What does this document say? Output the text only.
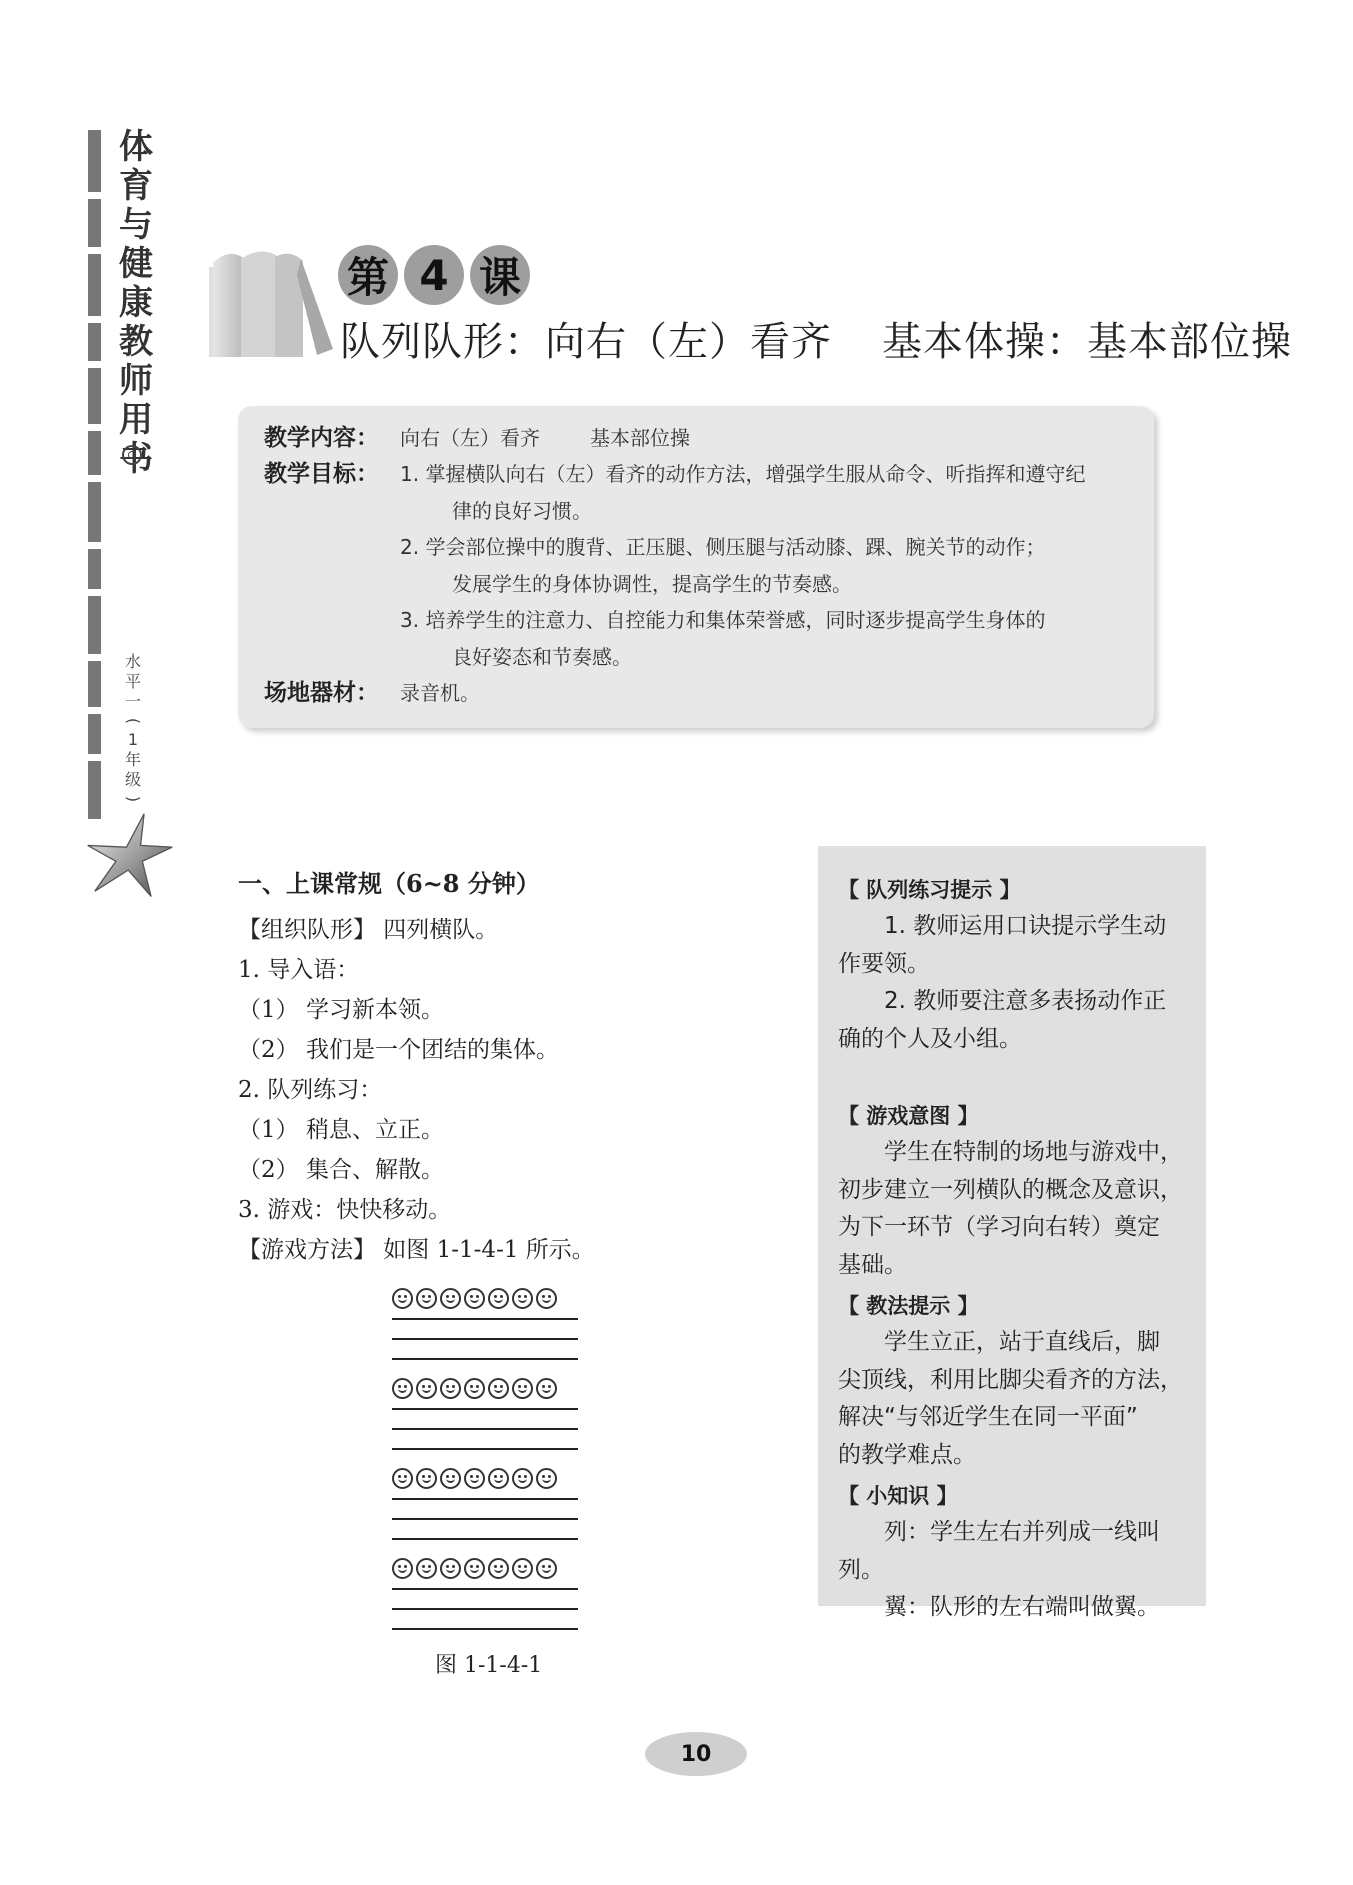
体
育
与
健
康
教
师
用
书
水
平
一
(
1
年
级
)
第 4 课
队列队形：向右（左）看齐 基本体操：基本部位操
教学内容：	向右（左）看齐	基本部位操
教学目标：	1. 掌握横队向右（左）看齐的动作方法，增强学生服从命令、听指挥和遵守纪
律的良好习惯。
2. 学会部位操中的腹背、正压腿、侧压腿与活动膝、踝、腕关节的动作；
发展学生的身体协调性，提高学生的节奏感。
3. 培养学生的注意力、自控能力和集体荣誉感，同时逐步提高学生身体的
良好姿态和节奏感。
场地器材：	录音机。
一、上课常规（6~8 分钟）

【组织队形】 四列横队。

1. 导入语：

（1） 学习新本领。

（2） 我们是一个团结的集体。

2. 队列练习：

（1） 稍息、立正。

（2） 集合、解散。

3. 游戏：快快移动。

【游戏方法】 如图 1-1-4-1 所示。

图 1-1-4-1
【 队列练习提示 】

1. 教师运用口诀提示学生动

作要领。

2. 教师要注意多表扬动作正

确的个人及小组。

【 游戏意图 】

学生在特制的场地与游戏中，

初步建立一列横队的概念及意识，

为下一环节（学习向右转）奠定

基础。

【 教法提示 】

学生立正，站于直线后，脚

尖顶线，利用比脚尖看齐的方法，

解决“与邻近学生在同一平面”

的教学难点。

【 小知识 】

列：学生左右并列成一线叫列。

翼：队形的左右端叫做翼。

10
